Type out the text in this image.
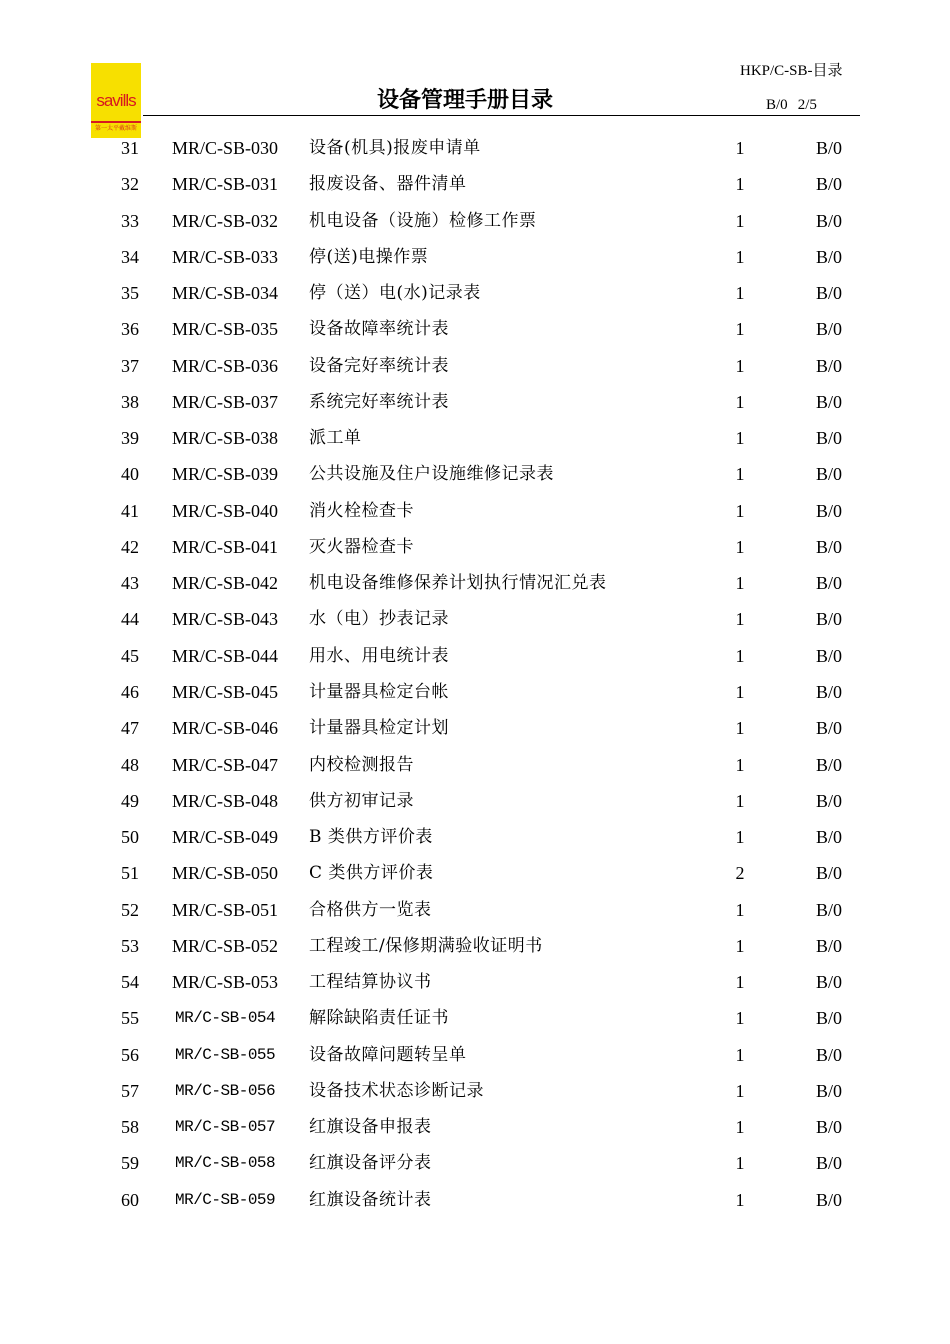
savills
第一太平戴维斯
HKP/C-SB-目录
设备管理手册目录	B/0 2/5
31	MR/C-SB-030 设备(机具)报废申请单	1	B/0
32	MR/C-SB-031 报废设备、器件清单	1	B/0
33	MR/C-SB-032 机电设备（设施）检修工作票	1	B/0
34	MR/C-SB-033 停(送)电操作票	1	B/0
35	MR/C-SB-034 停（送）电(水)记录表	1	B/0
36	MR/C-SB-035 设备故障率统计表	1	B/0
37	MR/C-SB-036 设备完好率统计表	1	B/0
38	MR/C-SB-037 系统完好率统计表	1	B/0
39	MR/C-SB-038 派工单	1	B/0
40	MR/C-SB-039 公共设施及住户设施维修记录表	1	B/0
41	MR/C-SB-040 消火栓检查卡	1	B/0
42	MR/C-SB-041 灭火器检查卡	1	B/0
43	MR/C-SB-042 机电设备维修保养计划执行情况汇兑表	1	B/0
44	MR/C-SB-043 水（电）抄表记录	1	B/0
45	MR/C-SB-044 用水、用电统计表	1	B/0
46	MR/C-SB-045 计量器具检定台帐	1	B/0
47	MR/C-SB-046 计量器具检定计划	1	B/0
48	MR/C-SB-047 内校检测报告	1	B/0
49	MR/C-SB-048 供方初审记录	1	B/0
50	MR/C-SB-049 B 类供方评价表	1	B/0
51	MR/C-SB-050 C 类供方评价表	2	B/0
52	MR/C-SB-051 合格供方一览表	1	B/0
53	MR/C-SB-052 工程竣工/保修期满验收证明书	1	B/0
54	MR/C-SB-053 工程结算协议书	1	B/0
55	MR/C-SB-054 解除缺陷责任证书	1	B/0
56	MR/C-SB-055 设备故障问题转呈单	1	B/0
57	MR/C-SB-056 设备技术状态诊断记录	1	B/0
58	MR/C-SB-057 红旗设备申报表	1	B/0
59	MR/C-SB-058 红旗设备评分表	1	B/0
60	MR/C-SB-059 红旗设备统计表	1	B/0
